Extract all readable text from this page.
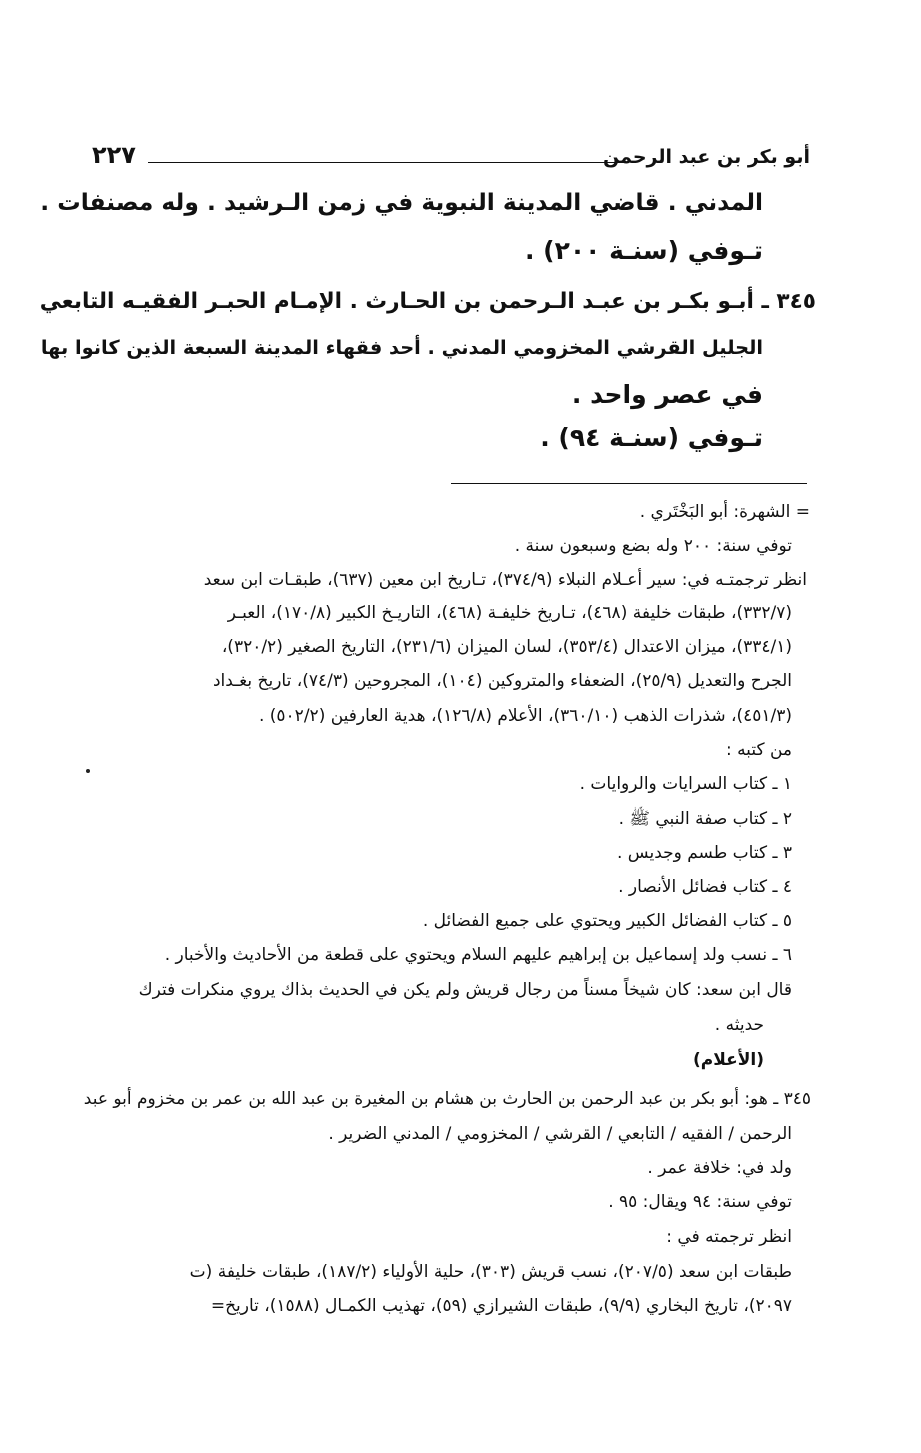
أبو بكر بن عبد الرحمن
٢٢٧
المدني . قاضي المدينة النبوية في زمن الـرشيد . وله مصنفات .
تـوفي (سنـة ٢٠٠) .
٣٤٥ ـ أبـو بكـر بن عبـد الـرحمن بن الحـارث . الإمـام الحبـر الفقيـه التابعي
الجليل القرشي المخزومي المدني . أحد فقهاء المدينة السبعة الذين كانوا بها
في عصر واحد .
تـوفي (سنـة ٩٤) .
= الشهرة: أبو البَخْتَري .
توفي سنة: ٢٠٠ وله بضع وسبعون سنة .
انظر ترجمتـه في: سير أعـلام النبلاء (٣٧٤/٩)، تـاريخ ابن معين (٦٣٧)، طبقـات ابن سعد
(٣٣٢/٧)، طبقات خليفة (٤٦٨)، تـاريخ خليفـة (٤٦٨)، التاريـخ الكبير (١٧٠/٨)، العبـر
(٣٣٤/١)، ميزان الاعتدال (٣٥٣/٤)، لسان الميزان (٢٣١/٦)، التاريخ الصغير (٣٢٠/٢)،
الجرح والتعديل (٢٥/٩)، الضعفاء والمتروكين (١٠٤)، المجروحين (٧٤/٣)، تاريخ بغـداد
(٤٥١/٣)، شذرات الذهب (٣٦٠/١٠)، الأعلام (١٢٦/٨)، هدية العارفين (٥٠٢/٢) .
من كتبه :
١ ـ كتاب السرايات والروايات .
٢ ـ كتاب صفة النبي ﷺ .
٣ ـ كتاب طسم وجديس .
٤ ـ كتاب فضائل الأنصار .
٥ ـ كتاب الفضائل الكبير ويحتوي على جميع الفضائل .
٦ ـ نسب ولد إسماعيل بن إبراهيم عليهم السلام ويحتوي على قطعة من الأحاديث والأخبار .
قال ابن سعد: كان شيخاً مسناً من رجال قريش ولم يكن في الحديث بذاك يروي منكرات فترك
حديثه .
(الأعلام)
٣٤٥ ـ هو: أبو بكر بن عبد الرحمن بن الحارث بن هشام بن المغيرة بن عبد الله بن عمر بن مخزوم أبو عبد
الرحمن / الفقيه / التابعي / القرشي / المخزومي / المدني الضرير .
ولد في: خلافة عمر .
توفي سنة: ٩٤ ويقال: ٩٥ .
انظر ترجمته في :
طبقات ابن سعد (٢٠٧/٥)، نسب قريش (٣٠٣)، حلية الأولياء (١٨٧/٢)، طبقات خليفة (ت
٢٠٩٧)، تاريخ البخاري (٩/٩)، طبقات الشيرازي (٥٩)، تهذيب الكمـال (١٥٨٨)، تاريخ=
